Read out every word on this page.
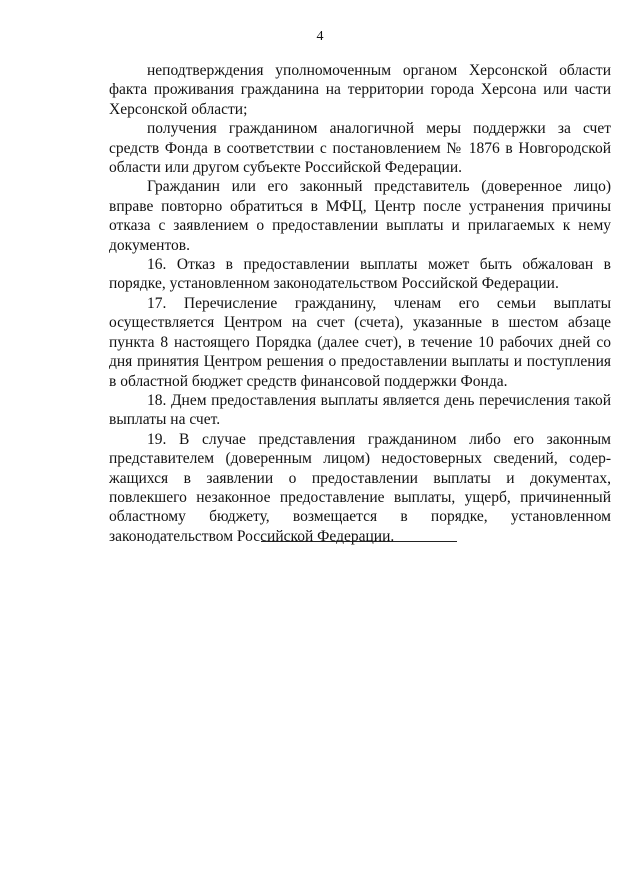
4

неподтверждения уполномоченным органом Херсонской области факта проживания гражданина на территории города Херсона или части Херсонской области;

получения гражданином аналогичной меры поддержки за счет средств Фонда в соответствии с постановлением № 1876 в Новгородской области или другом субъекте Российской Федерации.

Гражданин или его законный представитель (доверенное лицо) вправе повторно обратиться в МФЦ, Центр после устранения причины отказа с заявлением о предоставлении выплаты и прилагаемых к нему документов.

16. Отказ в предоставлении выплаты может быть обжалован в порядке, установленном законодательством Российской Федерации.

17. Перечисление гражданину, членам его семьи выплаты осуществляется Центром на счет (счета), указанные в шестом абзаце пункта 8 настоящего Порядка (далее счет), в течение 10 рабочих дней со дня принятия Центром решения о предоставлении выплаты и поступления в областной бюджет средств финансовой поддержки Фонда.

18. Днем предоставления выплаты является день перечисления такой выплаты на счет.

19. В случае представления гражданином либо его законным представителем (доверенным лицом) недостоверных сведений, содер-жащихся в заявлении о предоставлении выплаты и документах, повлекшего незаконное предоставление выплаты, ущерб, причиненный областному бюджету, возмещается в порядке, установленном законодательством Российской Федерации.
